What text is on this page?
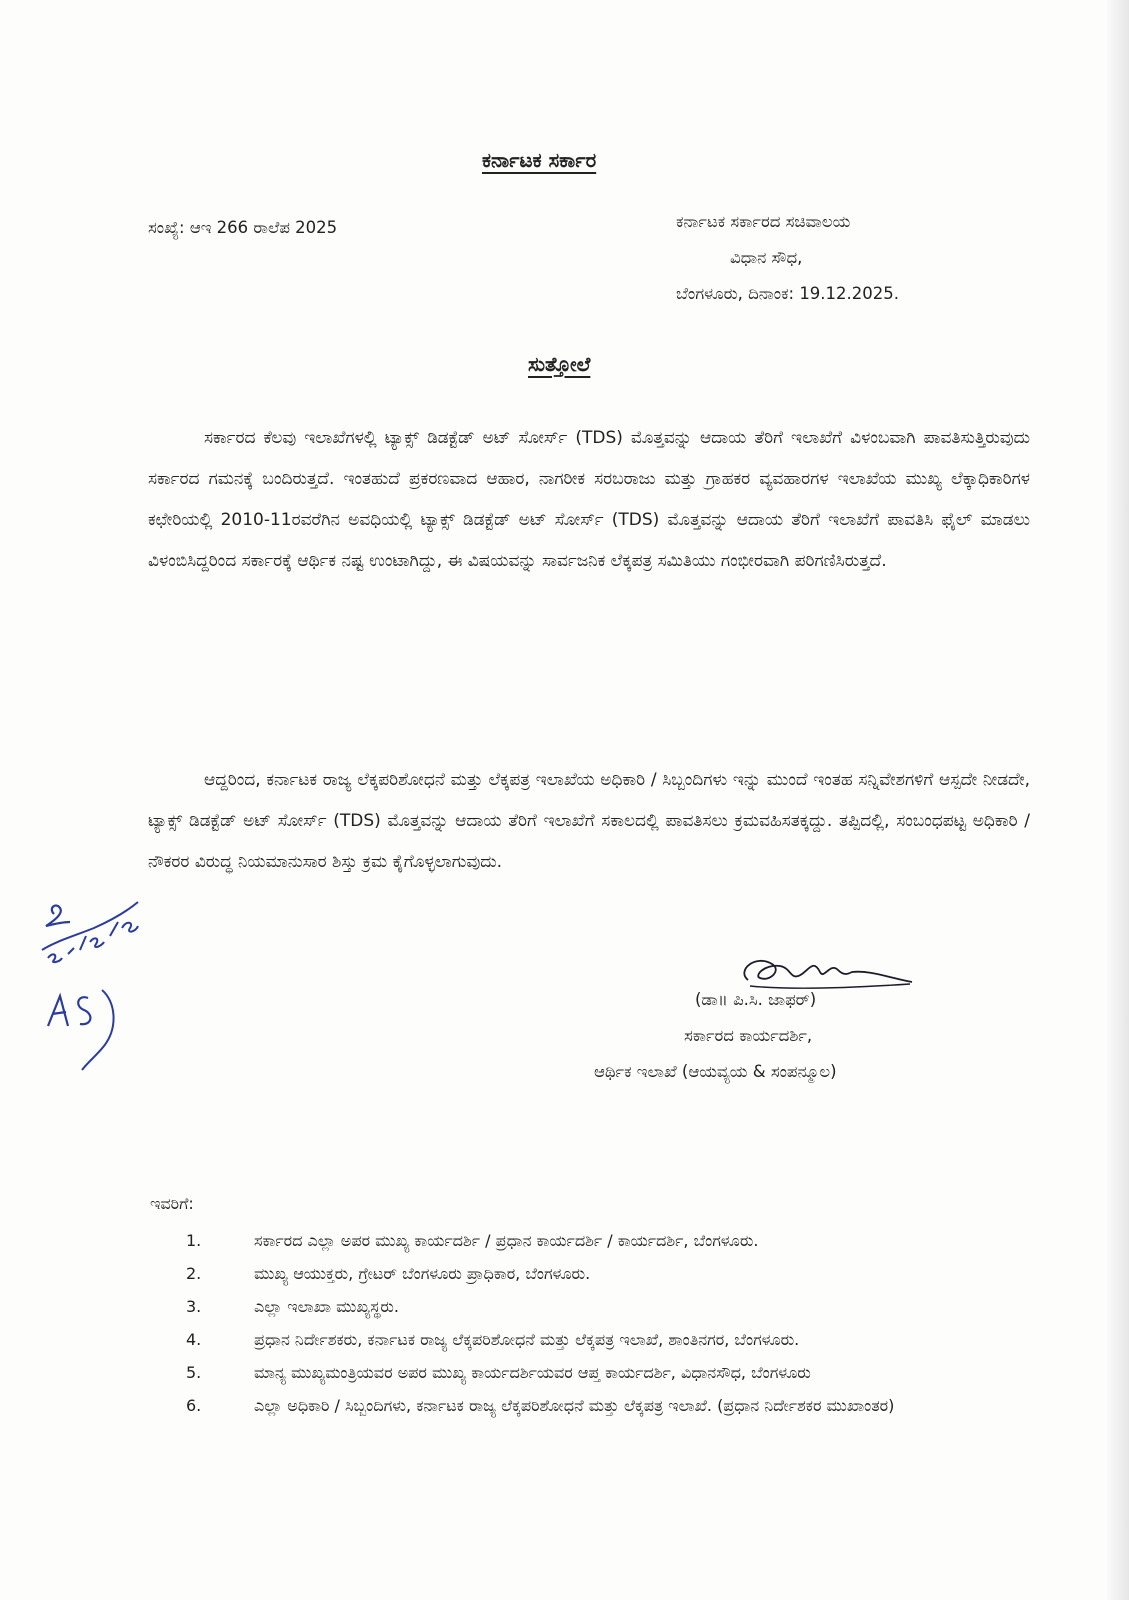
ಕರ್ನಾಟಕ ಸರ್ಕಾರ
ಸಂಖ್ಯೆ: ಆಇ 266 ರಾಲೆಪ 2025	ಕರ್ನಾಟಕ ಸರ್ಕಾರದ ಸಚಿವಾಲಯ
ವಿಧಾನ ಸೌಧ,
ಬೆಂಗಳೂರು, ದಿನಾಂಕ: 19.12.2025.
ಸುತ್ತೋಲೆ

ಸರ್ಕಾರದ ಕೆಲವು ಇಲಾಖೆಗಳಲ್ಲಿ ಟ್ಯಾಕ್ಸ್ ಡಿಡಕ್ಟೆಡ್ ಅಟ್ ಸೋರ್ಸ್ (TDS) ಮೊತ್ತವನ್ನು ಆದಾಯ ತೆರಿಗೆ ಇಲಾಖೆಗೆ ವಿಳಂಬವಾಗಿ ಪಾವತಿಸುತ್ತಿರುವುದು ಸರ್ಕಾರದ ಗಮನಕ್ಕೆ ಬಂದಿರುತ್ತದೆ. ಇಂತಹುದೆ ಪ್ರಕರಣವಾದ ಆಹಾರ, ನಾಗರೀಕ ಸರಬರಾಜು ಮತ್ತು ಗ್ರಾಹಕರ ವ್ಯವಹಾರಗಳ ಇಲಾಖೆಯ ಮುಖ್ಯ ಲೆಕ್ಕಾಧಿಕಾರಿಗಳ ಕಛೇರಿಯಲ್ಲಿ 2010-11ರವರೆಗಿನ ಅವಧಿಯಲ್ಲಿ ಟ್ಯಾಕ್ಸ್ ಡಿಡಕ್ಟೆಡ್ ಅಟ್ ಸೋರ್ಸ್ (TDS) ಮೊತ್ತವನ್ನು ಆದಾಯ ತೆರಿಗೆ ಇಲಾಖೆಗೆ ಪಾವತಿಸಿ ಫೈಲ್ ಮಾಡಲು ವಿಳಂಬಿಸಿದ್ದರಿಂದ ಸರ್ಕಾರಕ್ಕೆ ಆರ್ಥಿಕ ನಷ್ಟ ಉಂಟಾಗಿದ್ದು, ಈ ವಿಷಯವನ್ನು ಸಾರ್ವಜನಿಕ ಲೆಕ್ಕಪತ್ರ ಸಮಿತಿಯು ಗಂಭೀರವಾಗಿ ಪರಿಗಣಿಸಿರುತ್ತದೆ.

ಆದ್ದರಿಂದ, ಕರ್ನಾಟಕ ರಾಜ್ಯ ಲೆಕ್ಕಪರಿಶೋಧನೆ ಮತ್ತು ಲೆಕ್ಕಪತ್ರ ಇಲಾಖೆಯ ಅಧಿಕಾರಿ / ಸಿಬ್ಬಂದಿಗಳು ಇನ್ನು ಮುಂದೆ ಇಂತಹ ಸನ್ನಿವೇಶಗಳಿಗೆ ಆಸ್ಪದೇ ನೀಡದೇ, ಟ್ಯಾಕ್ಸ್ ಡಿಡಕ್ಟೆಡ್ ಅಟ್ ಸೋರ್ಸ್ (TDS) ಮೊತ್ತವನ್ನು ಆದಾಯ ತೆರಿಗೆ ಇಲಾಖೆಗೆ ಸಕಾಲದಲ್ಲಿ ಪಾವತಿಸಲು ಕ್ರಮವಹಿಸತಕ್ಕದ್ದು. ತಪ್ಪಿದಲ್ಲಿ, ಸಂಬಂಧಪಟ್ಟ ಅಧಿಕಾರಿ / ನೌಕರರ ವಿರುದ್ಧ ನಿಯಮಾನುಸಾರ ಶಿಸ್ತು ಕ್ರಮ ಕೈಗೊಳ್ಳಲಾಗುವುದು.

(ಡಾ॥ ಪಿ.ಸಿ. ಜಾಫರ್)
ಸರ್ಕಾರದ ಕಾರ್ಯದರ್ಶಿ,
ಆರ್ಥಿಕ ಇಲಾಖೆ (ಆಯವ್ಯಯ & ಸಂಪನ್ಮೂಲ)
ಇವರಿಗೆ:
1.	ಸರ್ಕಾರದ ಎಲ್ಲಾ ಅಪರ ಮುಖ್ಯ ಕಾರ್ಯದರ್ಶಿ / ಪ್ರಧಾನ ಕಾರ್ಯದರ್ಶಿ / ಕಾರ್ಯದರ್ಶಿ, ಬೆಂಗಳೂರು.
2.	ಮುಖ್ಯ ಆಯುಕ್ತರು, ಗ್ರೇಟರ್ ಬೆಂಗಳೂರು ಪ್ರಾಧಿಕಾರ, ಬೆಂಗಳೂರು.
3.	ಎಲ್ಲಾ ಇಲಾಖಾ ಮುಖ್ಯಸ್ಥರು.
4.	ಪ್ರಧಾನ ನಿರ್ದೇಶಕರು, ಕರ್ನಾಟಕ ರಾಜ್ಯ ಲೆಕ್ಕಪರಿಶೋಧನೆ ಮತ್ತು ಲೆಕ್ಕಪತ್ರ ಇಲಾಖೆ, ಶಾಂತಿನಗರ, ಬೆಂಗಳೂರು.
5.	ಮಾನ್ಯ ಮುಖ್ಯಮಂತ್ರಿಯವರ ಅಪರ ಮುಖ್ಯ ಕಾರ್ಯದರ್ಶಿಯವರ ಆಪ್ತ ಕಾರ್ಯದರ್ಶಿ, ವಿಧಾನಸೌಧ, ಬೆಂಗಳೂರು
6.	ಎಲ್ಲಾ ಅಧಿಕಾರಿ / ಸಿಬ್ಬಂದಿಗಳು, ಕರ್ನಾಟಕ ರಾಜ್ಯ ಲೆಕ್ಕಪರಿಶೋಧನೆ ಮತ್ತು ಲೆಕ್ಕಪತ್ರ ಇಲಾಖೆ. (ಪ್ರಧಾನ ನಿರ್ದೇಶಕರ ಮುಖಾಂತರ)
